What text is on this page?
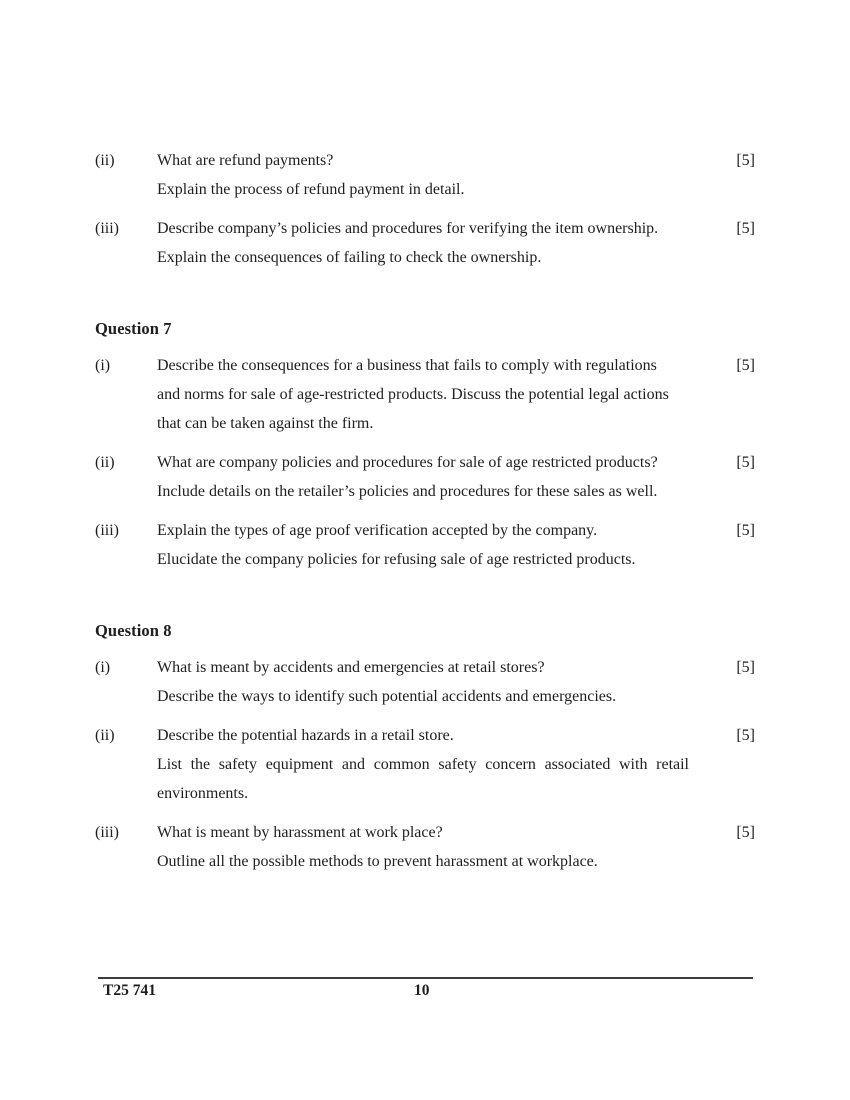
(ii)	What are refund payments?
Explain the process of refund payment in detail.
[5]
(iii)	Describe company’s policies and procedures for verifying the item ownership.
Explain the consequences of failing to check the ownership.
[5]
Question 7
(i)	Describe the consequences for a business that fails to comply with regulations
and norms for sale of age-restricted products. Discuss the potential legal actions
that can be taken against the firm.
[5]
(ii)	What are company policies and procedures for sale of age restricted products?
Include details on the retailer’s policies and procedures for these sales as well.
[5]
(iii)	Explain the types of age proof verification accepted by the company.
Elucidate the company policies for refusing sale of age restricted products.
[5]
Question 8
(i)	What is meant by accidents and emergencies at retail stores?
Describe the ways to identify such potential accidents and emergencies.
[5]
(ii)	Describe the potential hazards in a retail store.
List the safety equipment and common safety concern associated with retail
environments.
[5]
(iii)	What is meant by harassment at work place?
Outline all the possible methods to prevent harassment at workplace.
[5]
T25 741	10
